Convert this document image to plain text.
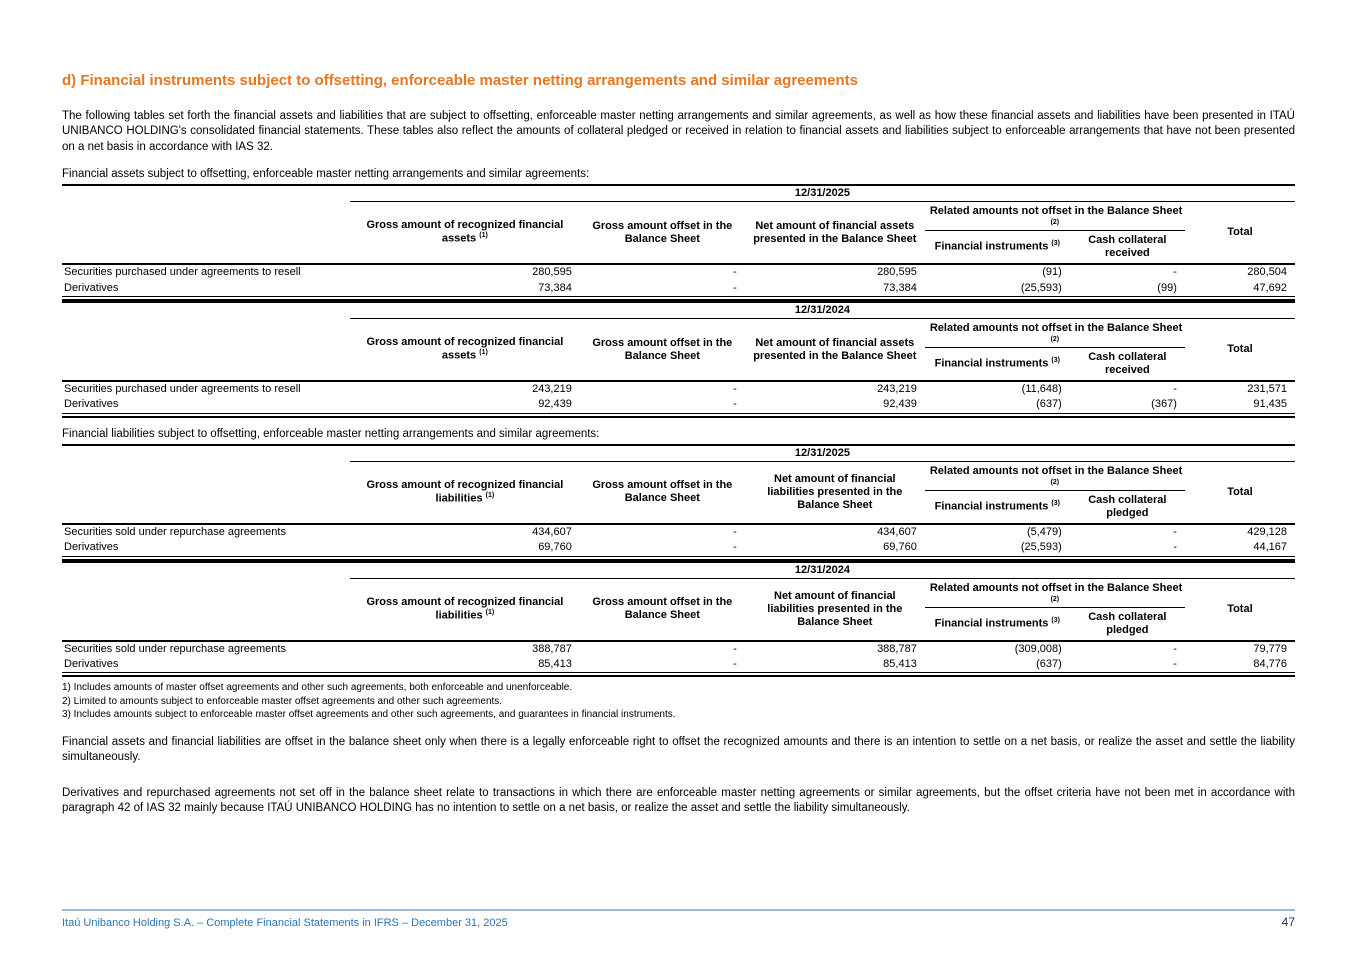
d) Financial instruments subject to offsetting, enforceable master netting arrangements and similar agreements

The following tables set forth the financial assets and liabilities that are subject to offsetting, enforceable master netting arrangements and similar agreements, as well as how these financial assets and liabilities have been presented in ITAÚ UNIBANCO HOLDING's consolidated financial statements. These tables also reflect the amounts of collateral pledged or received in relation to financial assets and liabilities subject to enforceable arrangements that have not been presented on a net basis in accordance with IAS 32.

Financial assets subject to offsetting, enforceable master netting arrangements and similar agreements:

	12/31/2025					
	Gross amount of recognized financial assets $^{(1)}$	Gross amount offset in the Balance Sheet	Net amount of financial assets presented in the Balance Sheet	Related amounts not offset in the Balance Sheet
(2)		Total
				Financial instruments $^{(3)}$	Cash collateral received	
Securities purchased under agreements to resell	280,595	-	280,595	(91)	-	280,504
Derivatives	73,384	-	73,384	(25,593)	(99)	47,692
	12/31/2024					
	Gross amount of recognized financial assets $^{(1)}$	Gross amount offset in the Balance Sheet	Net amount of financial assets presented in the Balance Sheet	Related amounts not offset in the Balance Sheet
(2)		Total
				Financial instruments $^{(3)}$	Cash collateral received	
Securities purchased under agreements to resell	243,219	-	243,219	(11,648)	-	231,571
Derivatives	92,439	-	92,439	(637)	(367)	91,435

Financial liabilities subject to offsetting, enforceable master netting arrangements and similar agreements:

	12/31/2025					
	Gross amount of recognized financial liabilities $^{(1)}$	Gross amount offset in the Balance Sheet	Net amount of financial liabilities presented in the Balance Sheet	Related amounts not offset in the Balance Sheet
(2)		Total
				Financial instruments $^{(3)}$	Cash collateral pledged	
Securities sold under repurchase agreements	434,607	-	434,607	(5,479)	-	429,128
Derivatives	69,760	-	69,760	(25,593)	-	44,167
	12/31/2024					
	Gross amount of recognized financial liabilities $^{(1)}$	Gross amount offset in the Balance Sheet	Net amount of financial liabilities presented in the Balance Sheet	Related amounts not offset in the Balance Sheet
(2)		Total
				Financial instruments $^{(3)}$	Cash collateral pledged	
Securities sold under repurchase agreements	388,787	-	388,787	(309,008)	-	79,779
Derivatives	85,413	-	85,413	(637)	-	84,776
1) Includes amounts of master offset agreements and other such agreements, both enforceable and unenforceable.
2) Limited to amounts subject to enforceable master offset agreements and other such agreements.
3) Includes amounts subject to enforceable master offset agreements and other such agreements, and guarantees in financial instruments.

Financial assets and financial liabilities are offset in the balance sheet only when there is a legally enforceable right to offset the recognized amounts and there is an intention to settle on a net basis, or realize the asset and settle the liability simultaneously.

Derivatives and repurchased agreements not set off in the balance sheet relate to transactions in which there are enforceable master netting agreements or similar agreements, but the offset criteria have not been met in accordance with paragraph 42 of IAS 32 mainly because ITAÚ UNIBANCO HOLDING has no intention to settle on a net basis, or realize the asset and settle the liability simultaneously.

Itaú Unibanco Holding S.A. – Complete Financial Statements in IFRS – December 31, 2025	47
